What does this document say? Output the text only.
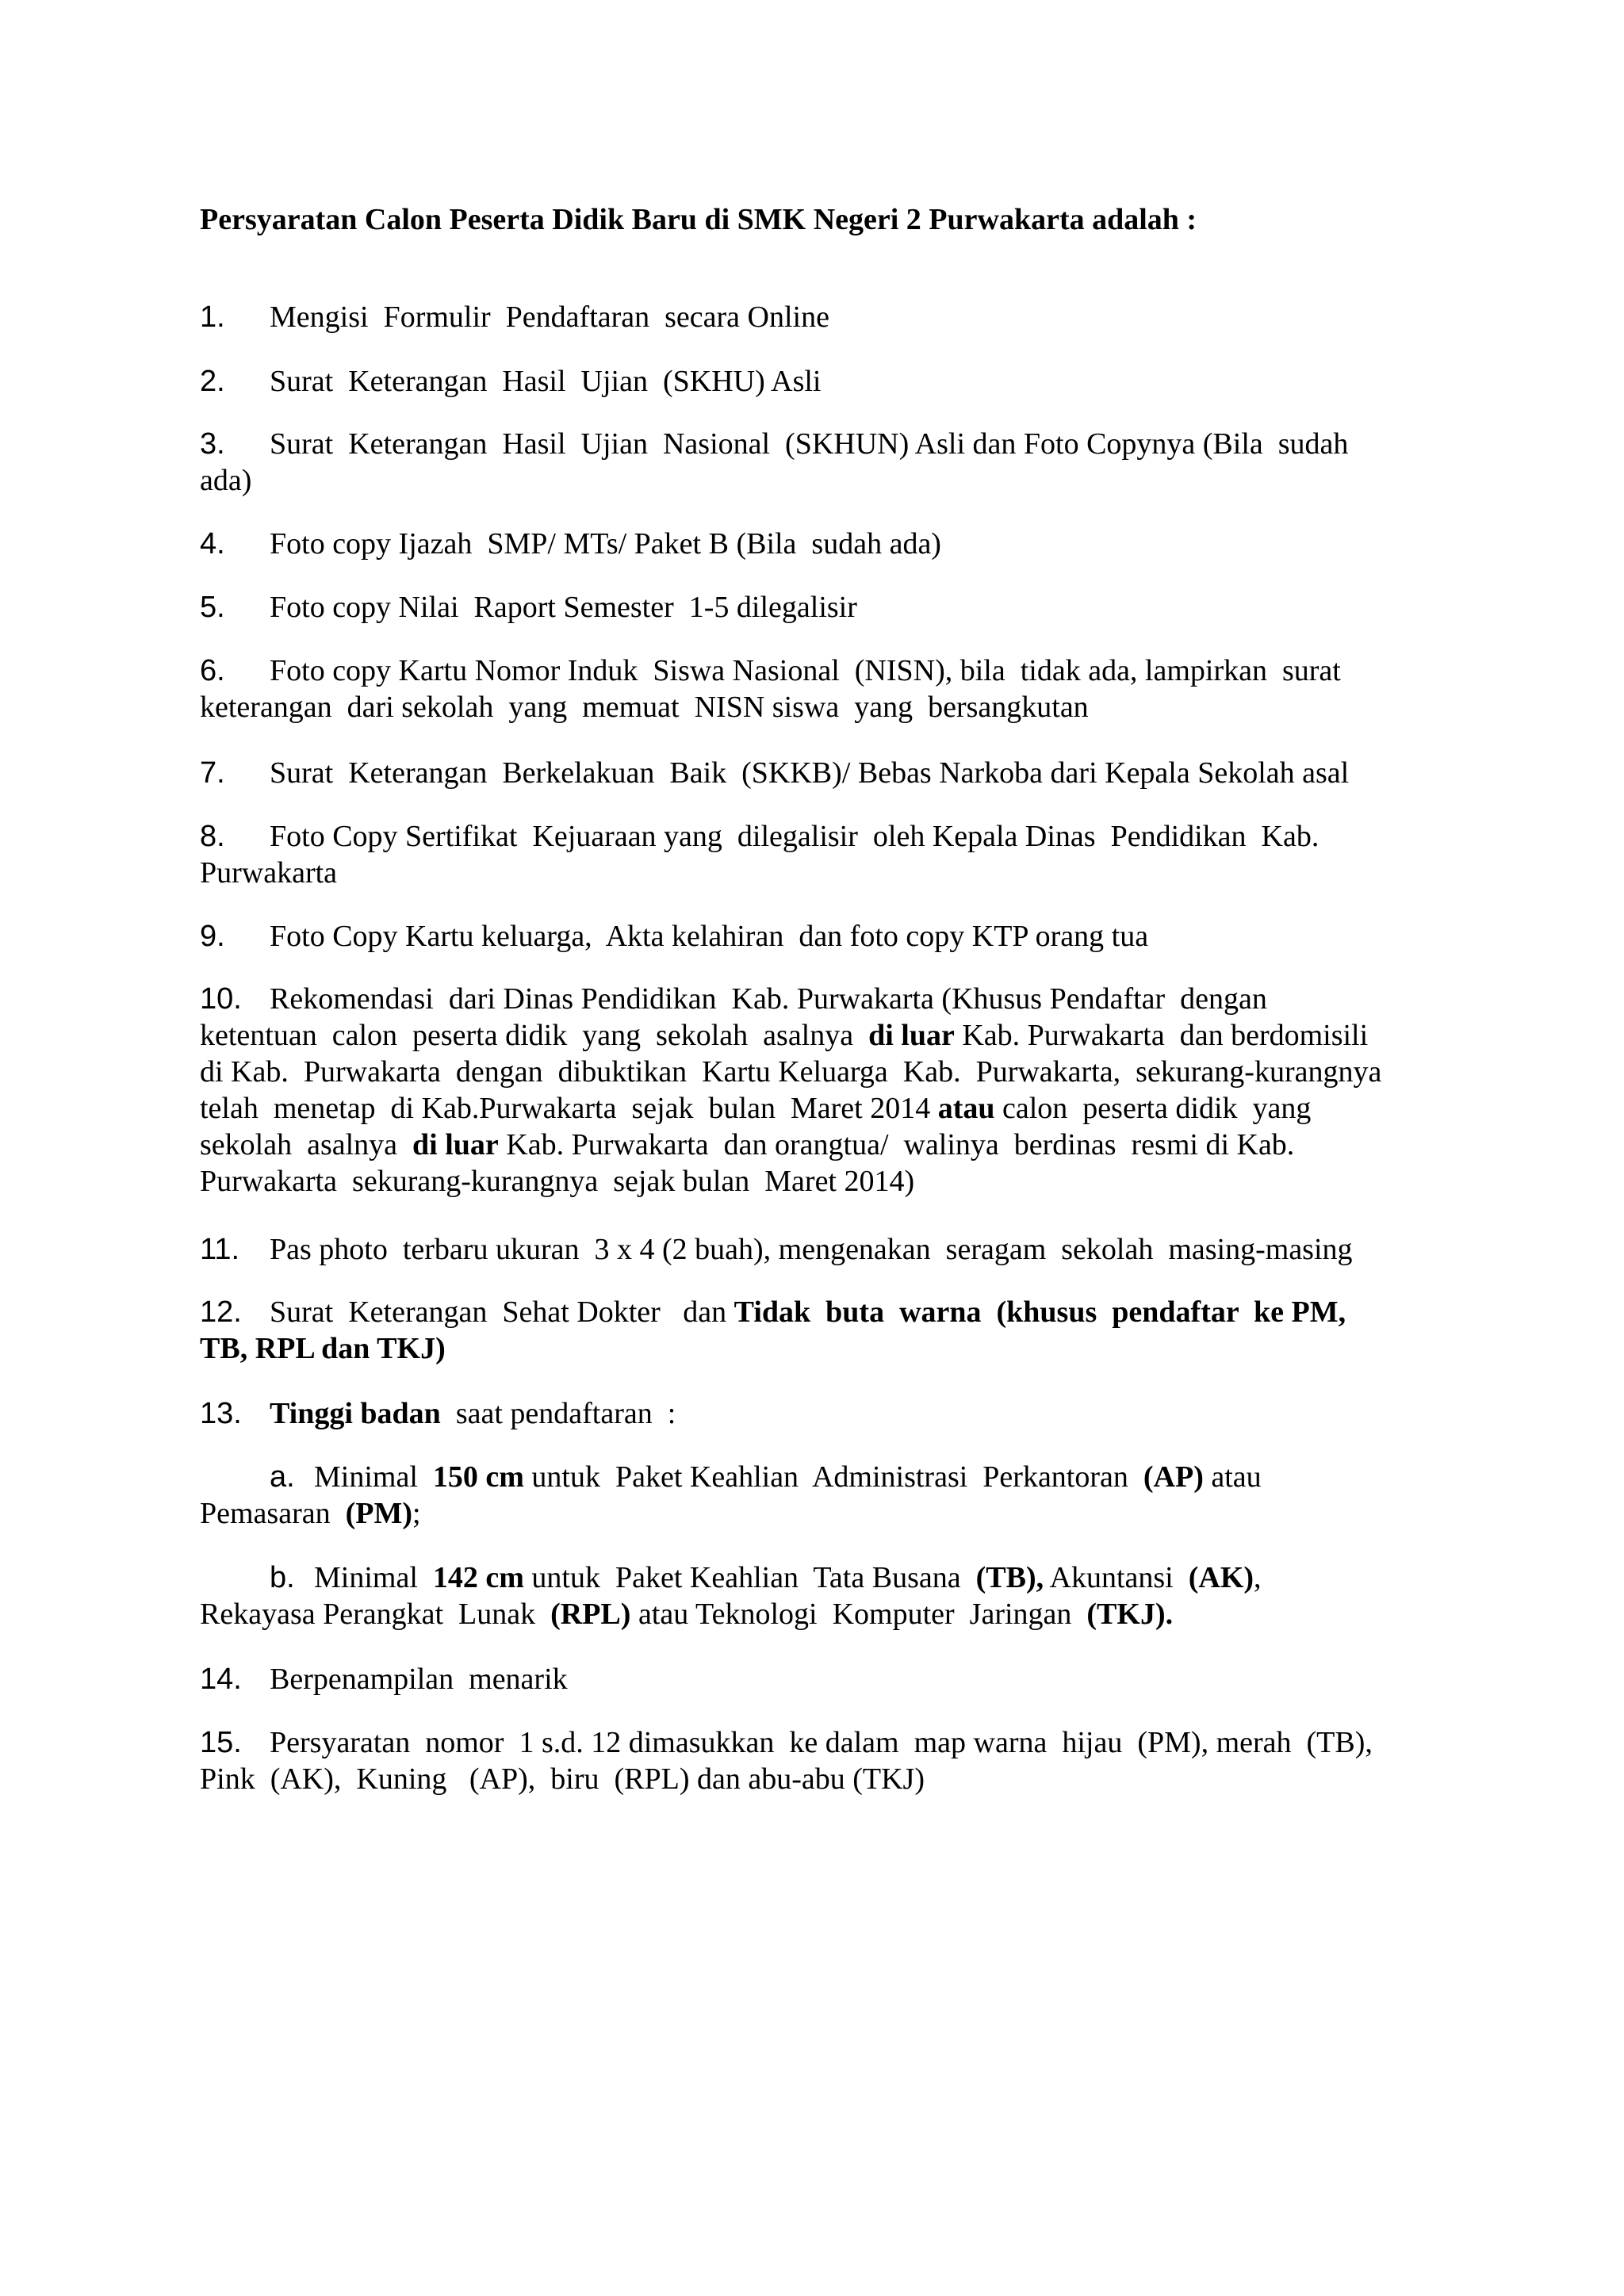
Persyaratan Calon Peserta Didik Baru di SMK Negeri 2 Purwakarta adalah :
1. Mengisi  Formulir  Pendaftaran  secara Online
2. Surat  Keterangan  Hasil  Ujian  (SKHU) Asli
3. Surat  Keterangan  Hasil  Ujian  Nasional  (SKHUN) Asli dan Foto Copynya (Bila  sudah
ada)
4. Foto copy Ijazah  SMP/ MTs/ Paket B (Bila  sudah ada)
5. Foto copy Nilai  Raport Semester  1-5 dilegalisir
6. Foto copy Kartu Nomor Induk  Siswa Nasional  (NISN), bila  tidak ada, lampirkan  surat
keterangan  dari sekolah  yang  memuat  NISN siswa  yang  bersangkutan
7. Surat  Keterangan  Berkelakuan  Baik  (SKKB)/ Bebas Narkoba dari Kepala Sekolah asal
8. Foto Copy Sertifikat  Kejuaraan yang  dilegalisir  oleh Kepala Dinas  Pendidikan  Kab.
Purwakarta
9. Foto Copy Kartu keluarga,  Akta kelahiran  dan foto copy KTP orang tua
10. Rekomendasi  dari Dinas Pendidikan  Kab. Purwakarta (Khusus Pendaftar  dengan
ketentuan  calon  peserta didik  yang  sekolah  asalnya  di luar Kab. Purwakarta  dan berdomisili
di Kab.  Purwakarta  dengan  dibuktikan  Kartu Keluarga  Kab.  Purwakarta,  sekurang-kurangnya
telah  menetap  di Kab.Purwakarta  sejak  bulan  Maret 2014 atau calon  peserta didik  yang
sekolah  asalnya  di luar Kab. Purwakarta  dan orangtua/  walinya  berdinas  resmi di Kab.
Purwakarta  sekurang-kurangnya  sejak bulan  Maret 2014)
11. Pas photo  terbaru ukuran  3 x 4 (2 buah), mengenakan  seragam  sekolah  masing-masing
12. Surat  Keterangan  Sehat Dokter   dan Tidak  buta  warna  (khusus  pendaftar  ke PM,
TB, RPL dan TKJ)
13. Tinggi badan  saat pendaftaran  :
a. Minimal  150 cm untuk  Paket Keahlian  Administrasi  Perkantoran  (AP) atau
Pemasaran  (PM);
b. Minimal  142 cm untuk  Paket Keahlian  Tata Busana  (TB), Akuntansi  (AK),
Rekayasa Perangkat  Lunak  (RPL) atau Teknologi  Komputer  Jaringan  (TKJ).
14. Berpenampilan  menarik
15. Persyaratan  nomor  1 s.d. 12 dimasukkan  ke dalam  map warna  hijau  (PM), merah  (TB),
Pink  (AK),  Kuning   (AP),  biru  (RPL) dan abu-abu (TKJ)
